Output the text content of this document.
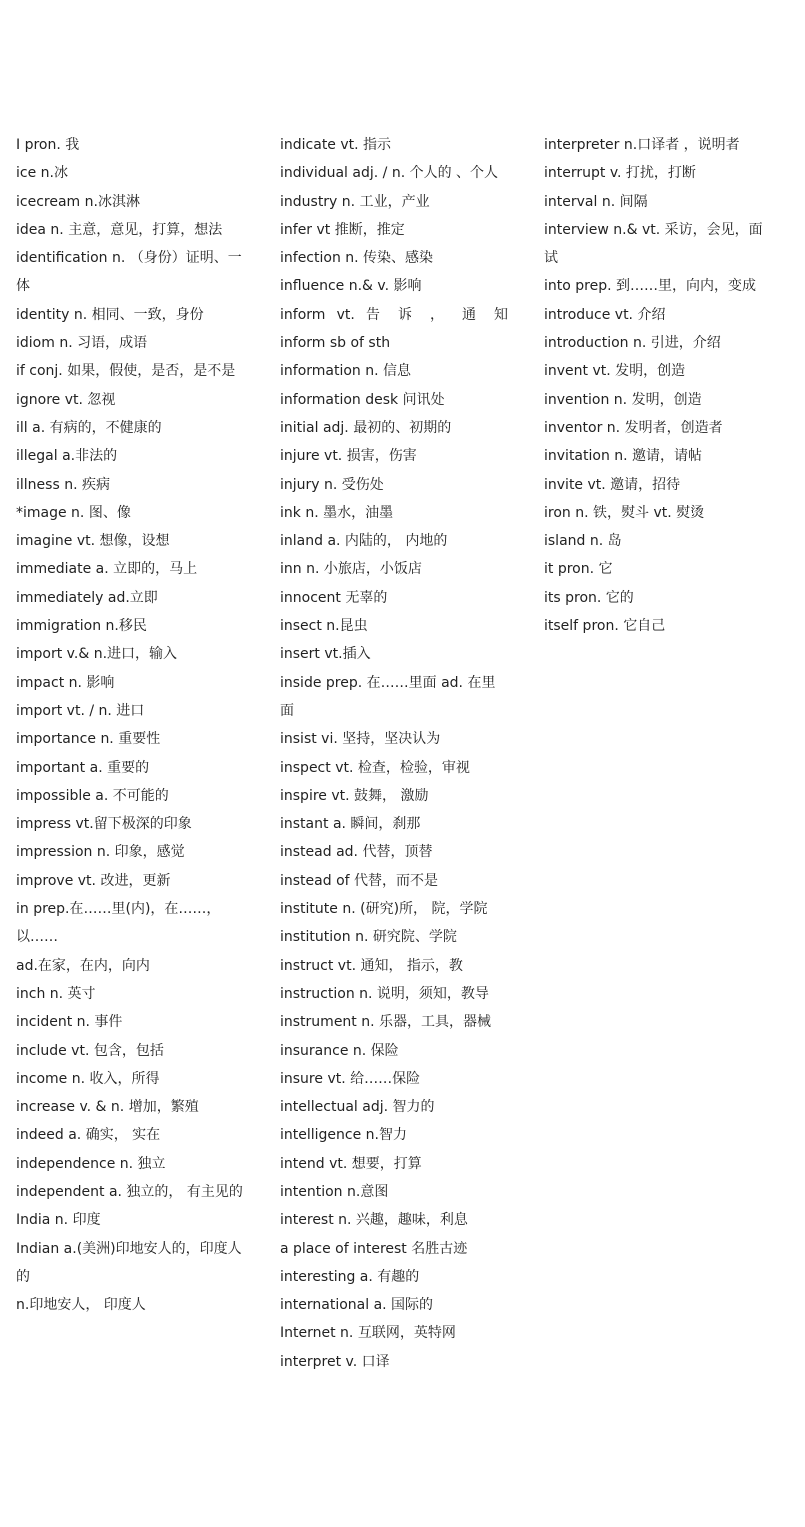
I pron. 我
ice n.冰
icecream n.冰淇淋
idea n. 主意，意见，打算，想法
identification n. （身份）证明、一体
identity n. 相同、一致，身份
idiom n. 习语，成语
if conj. 如果，假使，是否，是不是
ignore vt. 忽视
ill a. 有病的，不健康的
illegal a.非法的
illness n. 疾病
*image n. 图、像
imagine vt. 想像，设想
immediate a. 立即的，马上
immediately ad.立即
immigration n.移民
import v.& n.进口，输入
impact n. 影响
import vt. / n. 进口
importance n. 重要性
important a. 重要的
impossible a. 不可能的
impress vt.留下极深的印象
impression n. 印象，感觉
improve vt. 改进，更新
in prep.在……里(内)，在……，以……
ad.在家，在内，向内
inch n. 英寸
incident n. 事件
include vt. 包含，包括
income n. 收入，所得
increase v. & n. 增加，繁殖
indeed a. 确实， 实在
independence n. 独立
independent a. 独立的， 有主见的
India n. 印度
Indian a.(美洲)印地安人的，印度人的
n.印地安人， 印度人
indicate vt. 指示
individual adj. / n. 个人的 、个人
industry n. 工业，产业
infer vt 推断，推定
infection n. 传染、感染
influence n.& v. 影响
inform vt. 告 诉 ， 通 知
inform sb of sth
information n. 信息
information desk 问讯处
initial adj. 最初的、初期的
injure vt. 损害，伤害
injury n. 受伤处
ink n. 墨水，油墨
inland a. 内陆的， 内地的
inn n. 小旅店，小饭店
innocent 无辜的
insect n.昆虫
insert vt.插入
inside prep. 在……里面 ad. 在里面
insist vi. 坚持，坚决认为
inspect vt. 检查，检验，审视
inspire vt. 鼓舞， 激励
instant a. 瞬间，刹那
instead ad. 代替，顶替
instead of 代替，而不是
institute n. (研究)所， 院，学院
institution n. 研究院、学院
instruct vt. 通知， 指示，教
instruction n. 说明，须知，教导
instrument n. 乐器，工具，器械
insurance n. 保险
insure vt. 给……保险
intellectual adj. 智力的
intelligence n.智力
intend vt. 想要，打算
intention n.意图
interest n. 兴趣，趣味，利息
a place of interest 名胜古迹
interesting a. 有趣的
international a. 国际的
Internet n. 互联网，英特网
interpret v. 口译
interpreter n.口译者 ，说明者
interrupt v. 打扰，打断
interval n. 间隔
interview n.& vt. 采访，会见，面试
into prep. 到……里，向内，变成
introduce vt. 介绍
introduction n. 引进，介绍
invent vt. 发明，创造
invention n. 发明，创造
inventor n. 发明者，创造者
invitation n. 邀请，请帖
invite vt. 邀请，招待
iron n. 铁，熨斗 vt. 熨烫
island n. 岛
it pron. 它
its pron. 它的
itself pron. 它自己
